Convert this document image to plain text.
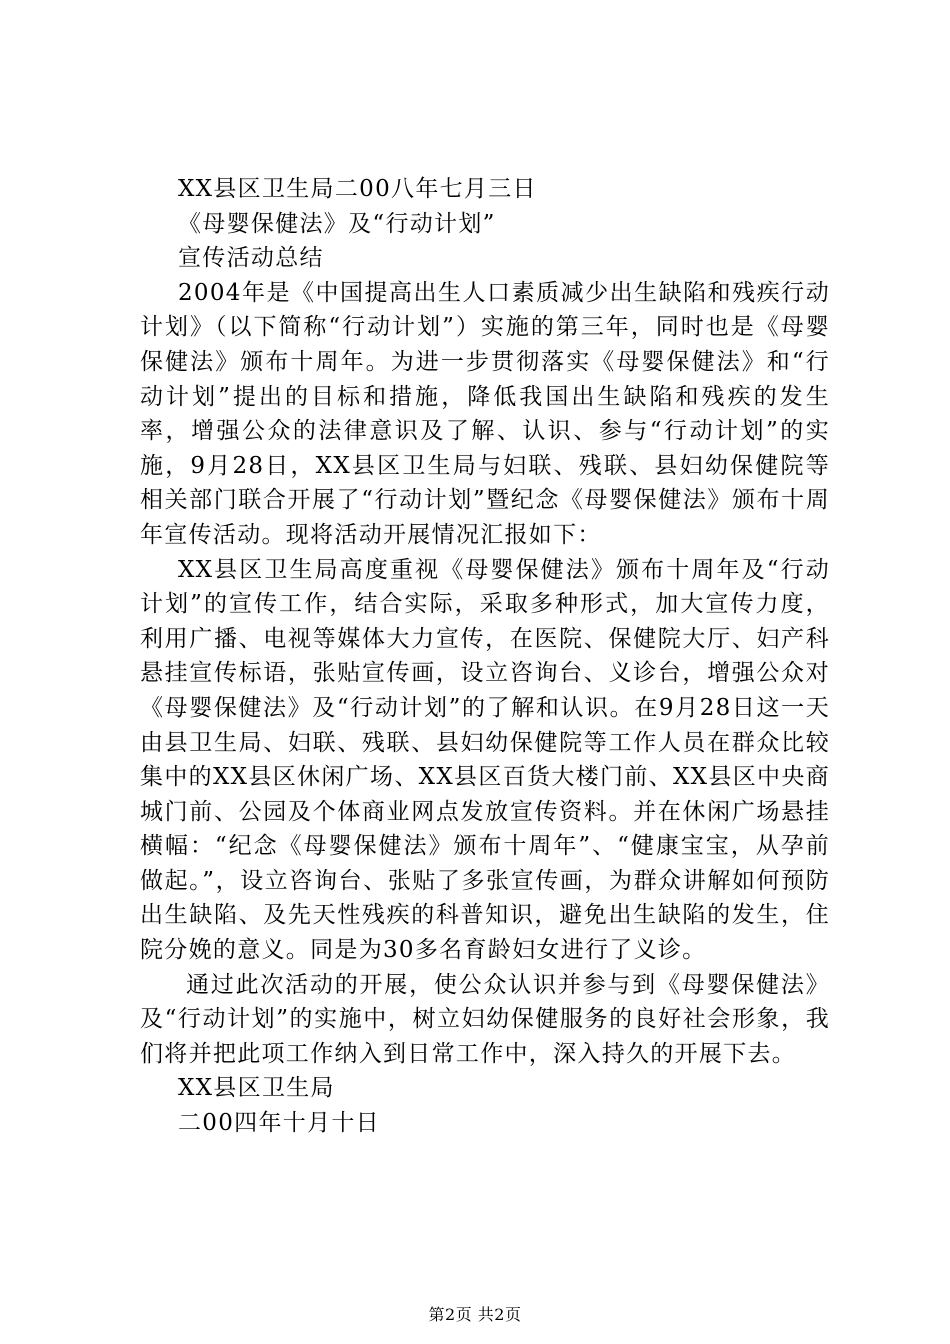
XX县区卫生局二00八年七月三日

《母婴保健法》及“行动计划”

宣传活动总结

2004年是《中国提高出生人口素质减少出生缺陷和残疾行动计划》（以下简称“行动计划”）实施的第三年，同时也是《母婴保健法》颁布十周年。为进一步贯彻落实《母婴保健法》和“行动计划”提出的目标和措施，降低我国出生缺陷和残疾的发生率，增强公众的法律意识及了解、认识、参与“行动计划”的实施，9月28日，XX县区卫生局与妇联、残联、县妇幼保健院等相关部门联合开展了“行动计划”暨纪念《母婴保健法》颁布十周年宣传活动。现将活动开展情况汇报如下：

XX县区卫生局高度重视《母婴保健法》颁布十周年及“行动计划”的宣传工作，结合实际，采取多种形式，加大宣传力度，利用广播、电视等媒体大力宣传，在医院、保健院大厅、妇产科悬挂宣传标语，张贴宣传画，设立咨询台、义诊台，增强公众对《母婴保健法》及“行动计划”的了解和认识。在9月28日这一天由县卫生局、妇联、残联、县妇幼保健院等工作人员在群众比较集中的XX县区休闲广场、XX县区百货大楼门前、XX县区中央商城门前、公园及个体商业网点发放宣传资料。并在休闲广场悬挂横幅：“纪念《母婴保健法》颁布十周年”、“健康宝宝，从孕前做起。”，设立咨询台、张贴了多张宣传画，为群众讲解如何预防出生缺陷、及先天性残疾的科普知识，避免出生缺陷的发生，住院分娩的意义。同是为30多名育龄妇女进行了义诊。

通过此次活动的开展，使公众认识并参与到《母婴保健法》及“行动计划”的实施中，树立妇幼保健服务的良好社会形象，我们将并把此项工作纳入到日常工作中，深入持久的开展下去。

XX县区卫生局

二00四年十月十日

第2页 共2页
